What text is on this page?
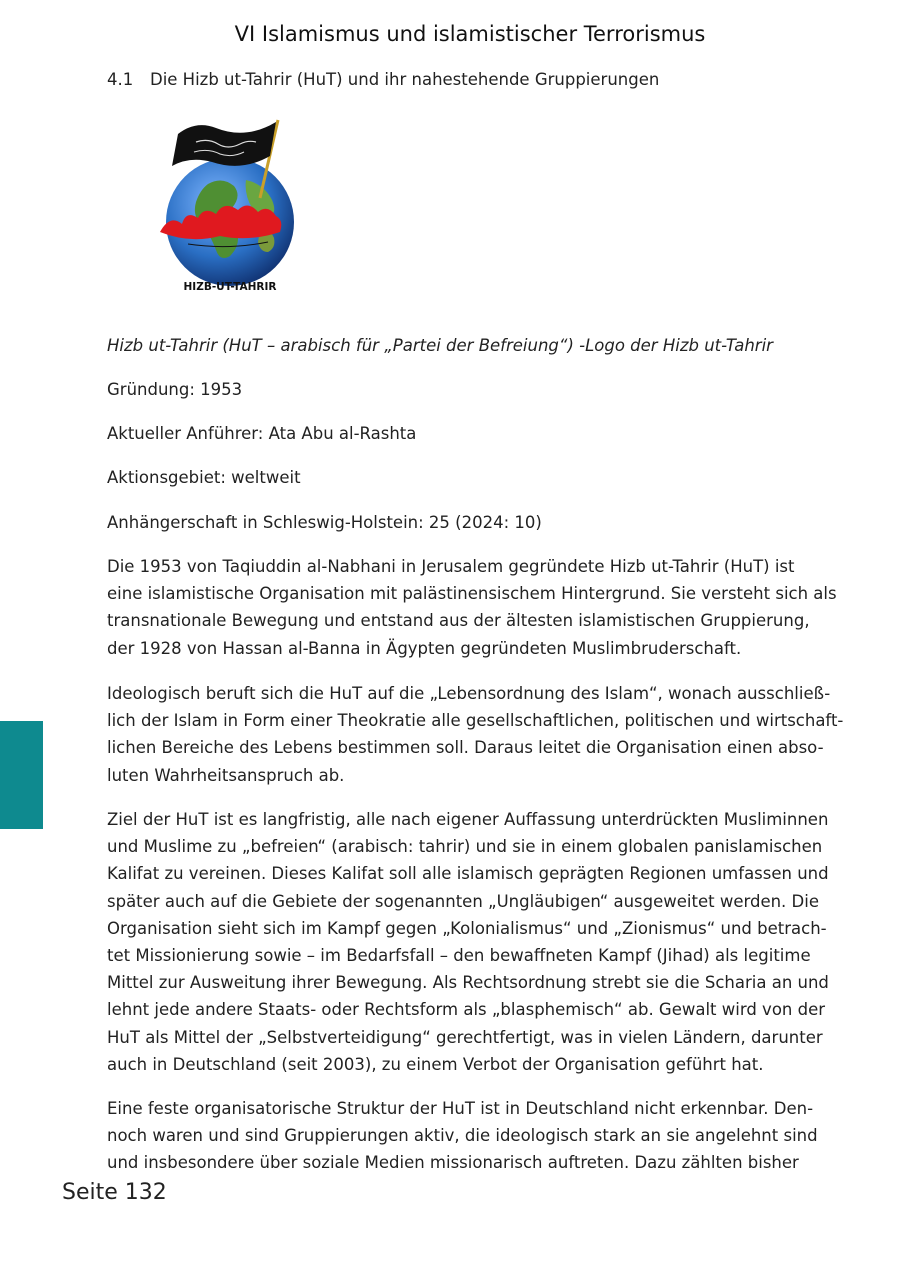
VI Islamismus und islamistischer Terrorismus
4.1 Die Hizb ut-Tahrir (HuT) und ihr nahestehende Gruppierungen
HIZB-UT-TAHRIR
Hizb ut-Tahrir (HuT – arabisch für „Partei der Befreiung“) -Logo der Hizb ut-Tahrir
Gründung: 1953
Aktueller Anführer: Ata Abu al-Rashta
Aktionsgebiet: weltweit
Anhängerschaft in Schleswig-Holstein: 25 (2024: 10)
Die 1953 von Taqiuddin al-Nabhani in Jerusalem gegründete Hizb ut-Tahrir (HuT) ist
eine islamistische Organisation mit palästinensischem Hintergrund. Sie versteht sich als
transnationale Bewegung und entstand aus der ältesten islamistischen Gruppierung,
der 1928 von Hassan al-Banna in Ägypten gegründeten Muslimbruderschaft.
Ideologisch beruft sich die HuT auf die „Lebensordnung des Islam“, wonach ausschließ-
lich der Islam in Form einer Theokratie alle gesellschaftlichen, politischen und wirtschaft-
lichen Bereiche des Lebens bestimmen soll. Daraus leitet die Organisation einen abso-
luten Wahrheitsanspruch ab.
Ziel der HuT ist es langfristig, alle nach eigener Auffassung unterdrückten Musliminnen
und Muslime zu „befreien“ (arabisch: tahrir) und sie in einem globalen panislamischen
Kalifat zu vereinen. Dieses Kalifat soll alle islamisch geprägten Regionen umfassen und
später auch auf die Gebiete der sogenannten „Ungläubigen“ ausgeweitet werden. Die
Organisation sieht sich im Kampf gegen „Kolonialismus“ und „Zionismus“ und betrach-
tet Missionierung sowie – im Bedarfsfall – den bewaffneten Kampf (Jihad) als legitime
Mittel zur Ausweitung ihrer Bewegung. Als Rechtsordnung strebt sie die Scharia an und
lehnt jede andere Staats- oder Rechtsform als „blasphemisch“ ab. Gewalt wird von der
HuT als Mittel der „Selbstverteidigung“ gerechtfertigt, was in vielen Ländern, darunter
auch in Deutschland (seit 2003), zu einem Verbot der Organisation geführt hat.
Eine feste organisatorische Struktur der HuT ist in Deutschland nicht erkennbar. Den-
noch waren und sind Gruppierungen aktiv, die ideologisch stark an sie angelehnt sind
und insbesondere über soziale Medien missionarisch auftreten. Dazu zählten bisher
Seite 132
